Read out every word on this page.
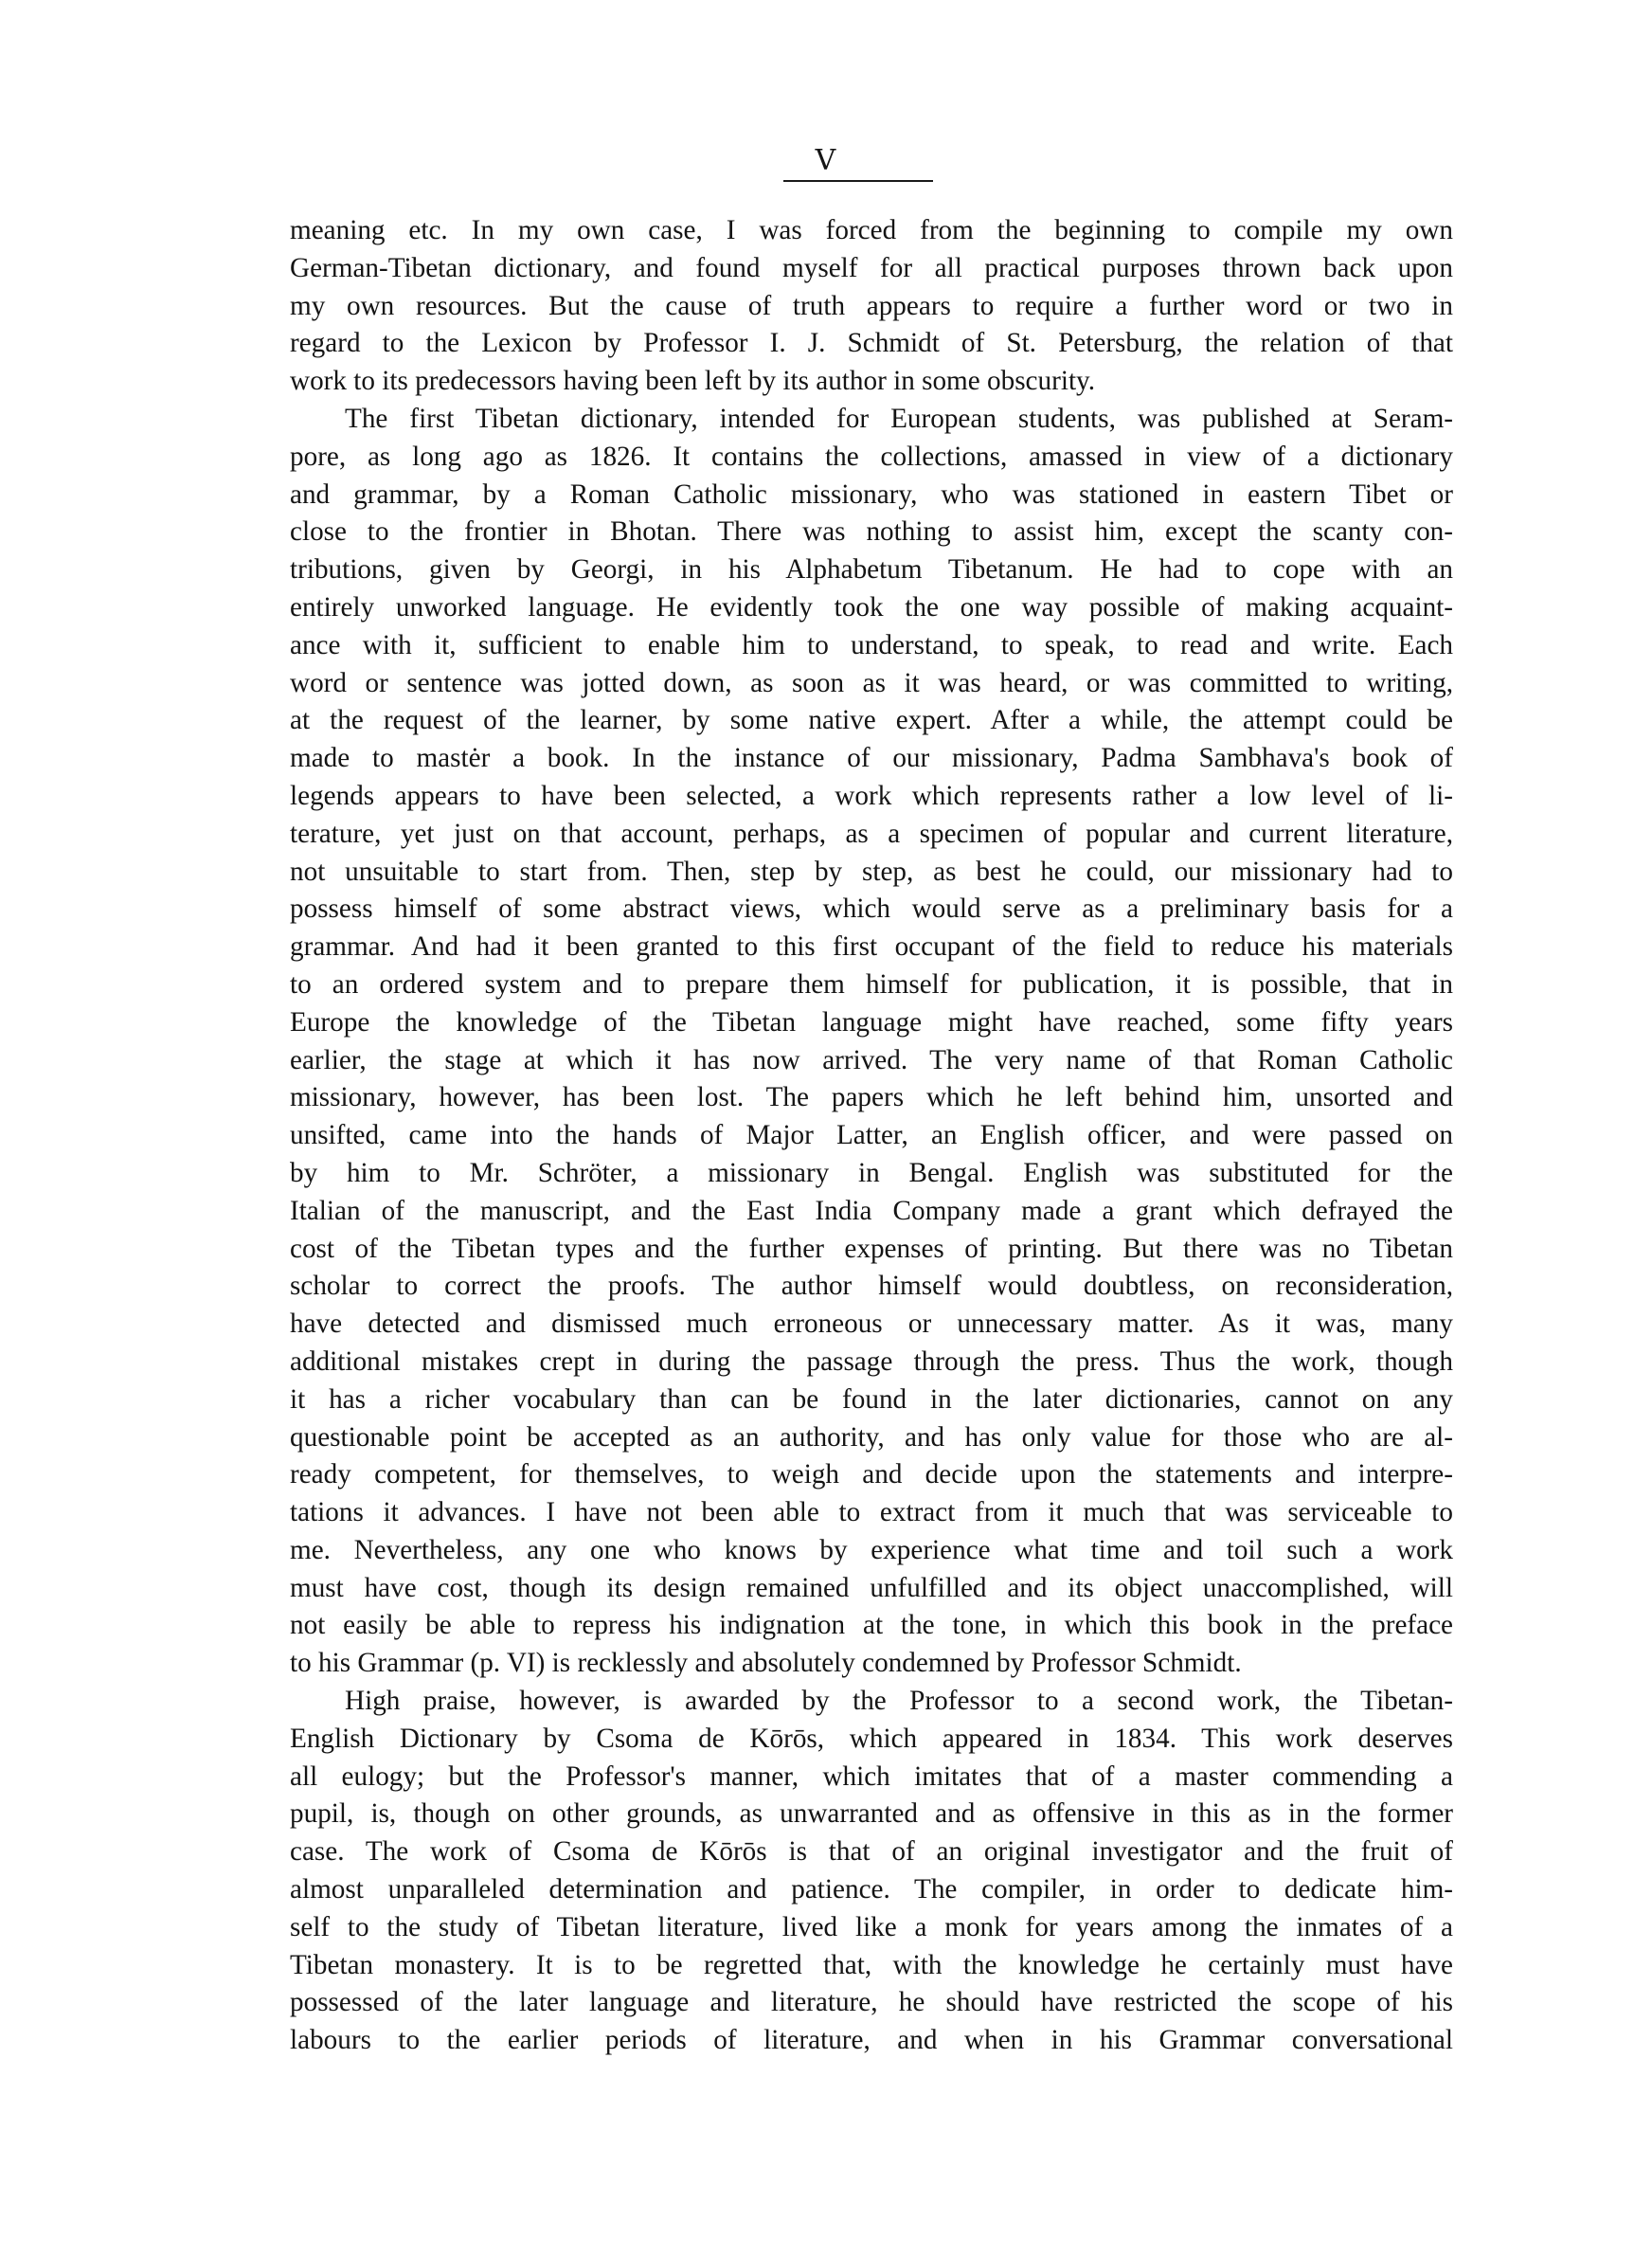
V
meaning etc. In my own case, I was forced from the beginning to compile my own
German-Tibetan dictionary, and found myself for all practical purposes thrown back upon
my own resources. But the cause of truth appears to require a further word or two in
regard to the Lexicon by Professor I. J. Schmidt of St. Petersburg, the relation of that
work to its predecessors having been left by its author in some obscurity.
The first Tibetan dictionary, intended for European students, was published at Seram-
pore, as long ago as 1826. It contains the collections, amassed in view of a dictionary
and grammar, by a Roman Catholic missionary, who was stationed in eastern Tibet or
close to the frontier in Bhotan. There was nothing to assist him, except the scanty con-
tributions, given by Georgi, in his Alphabetum Tibetanum. He had to cope with an
entirely unworked language. He evidently took the one way possible of making acquaint-
ance with it, sufficient to enable him to understand, to speak, to read and write. Each
word or sentence was jotted down, as soon as it was heard, or was committed to writing,
at the request of the learner, by some native expert. After a while, the attempt could be
made to mastėr a book. In the instance of our missionary, Padma Sambhava's book of
legends appears to have been selected, a work which represents rather a low level of li-
terature, yet just on that account, perhaps, as a specimen of popular and current literature,
not unsuitable to start from. Then, step by step, as best he could, our missionary had to
possess himself of some abstract views, which would serve as a preliminary basis for a
grammar. And had it been granted to this first occupant of the field to reduce his materials
to an ordered system and to prepare them himself for publication, it is possible, that in
Europe the knowledge of the Tibetan language might have reached, some fifty years
earlier, the stage at which it has now arrived. The very name of that Roman Catholic
missionary, however, has been lost. The papers which he left behind him, unsorted and
unsifted, came into the hands of Major Latter, an English officer, and were passed on
by him to Mr. Schröter, a missionary in Bengal. English was substituted for the
Italian of the manuscript, and the East India Company made a grant which defrayed the
cost of the Tibetan types and the further expenses of printing. But there was no Tibetan
scholar to correct the proofs. The author himself would doubtless, on reconsideration,
have detected and dismissed much erroneous or unnecessary matter. As it was, many
additional mistakes crept in during the passage through the press. Thus the work, though
it has a richer vocabulary than can be found in the later dictionaries, cannot on any
questionable point be accepted as an authority, and has only value for those who are al-
ready competent, for themselves, to weigh and decide upon the statements and interpre-
tations it advances. I have not been able to extract from it much that was serviceable to
me. Nevertheless, any one who knows by experience what time and toil such a work
must have cost, though its design remained unfulfilled and its object unaccomplished, will
not easily be able to repress his indignation at the tone, in which this book in the preface
to his Grammar (p. VI) is recklessly and absolutely condemned by Professor Schmidt.
High praise, however, is awarded by the Professor to a second work, the Tibetan-
English Dictionary by Csoma de Kōrōs, which appeared in 1834. This work deserves
all eulogy; but the Professor's manner, which imitates that of a master commending a
pupil, is, though on other grounds, as unwarranted and as offensive in this as in the former
case. The work of Csoma de Kōrōs is that of an original investigator and the fruit of
almost unparalleled determination and patience. The compiler, in order to dedicate him-
self to the study of Tibetan literature, lived like a monk for years among the inmates of a
Tibetan monastery. It is to be regretted that, with the knowledge he certainly must have
possessed of the later language and literature, he should have restricted the scope of his
labours to the earlier periods of literature, and when in his Grammar conversational
